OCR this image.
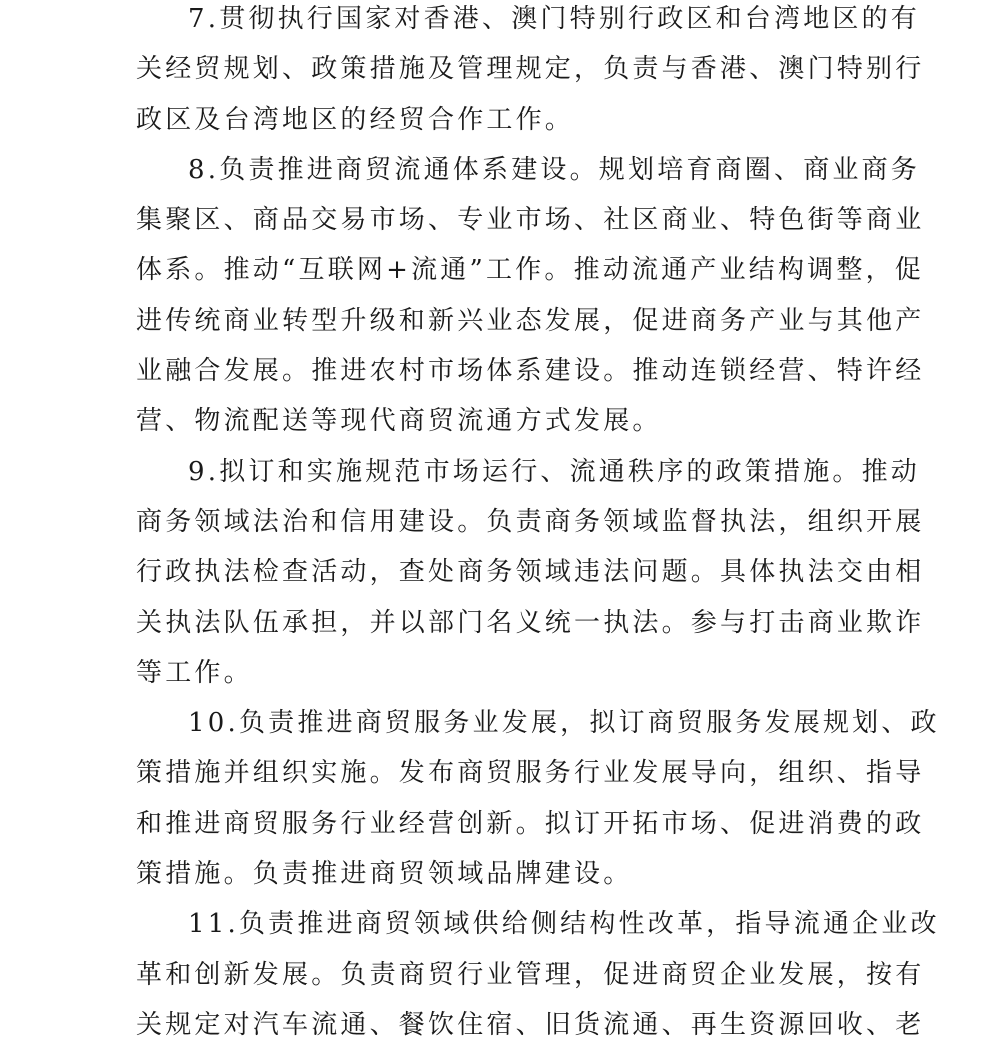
7.贯彻执行国家对香港、澳门特别行政区和台湾地区的有
关经贸规划、政策措施及管理规定，负责与香港、澳门特别行
政区及台湾地区的经贸合作工作。
8.负责推进商贸流通体系建设。规划培育商圈、商业商务
集聚区、商品交易市场、专业市场、社区商业、特色街等商业
体系。推动“互联网+流通”工作。推动流通产业结构调整，促
进传统商业转型升级和新兴业态发展，促进商务产业与其他产
业融合发展。推进农村市场体系建设。推动连锁经营、特许经
营、物流配送等现代商贸流通方式发展。
9.拟订和实施规范市场运行、流通秩序的政策措施。推动
商务领域法治和信用建设。负责商务领域监督执法，组织开展
行政执法检查活动，查处商务领域违法问题。具体执法交由相
关执法队伍承担，并以部门名义统一执法。参与打击商业欺诈
等工作。
10.负责推进商贸服务业发展，拟订商贸服务发展规划、政
策措施并组织实施。发布商贸服务行业发展导向，组织、指导
和推进商贸服务行业经营创新。拟订开拓市场、促进消费的政
策措施。负责推进商贸领域品牌建设。
11.负责推进商贸领域供给侧结构性改革，指导流通企业改
革和创新发展。负责商贸行业管理，促进商贸企业发展，按有
关规定对汽车流通、餐饮住宿、旧货流通、再生资源回收、老
